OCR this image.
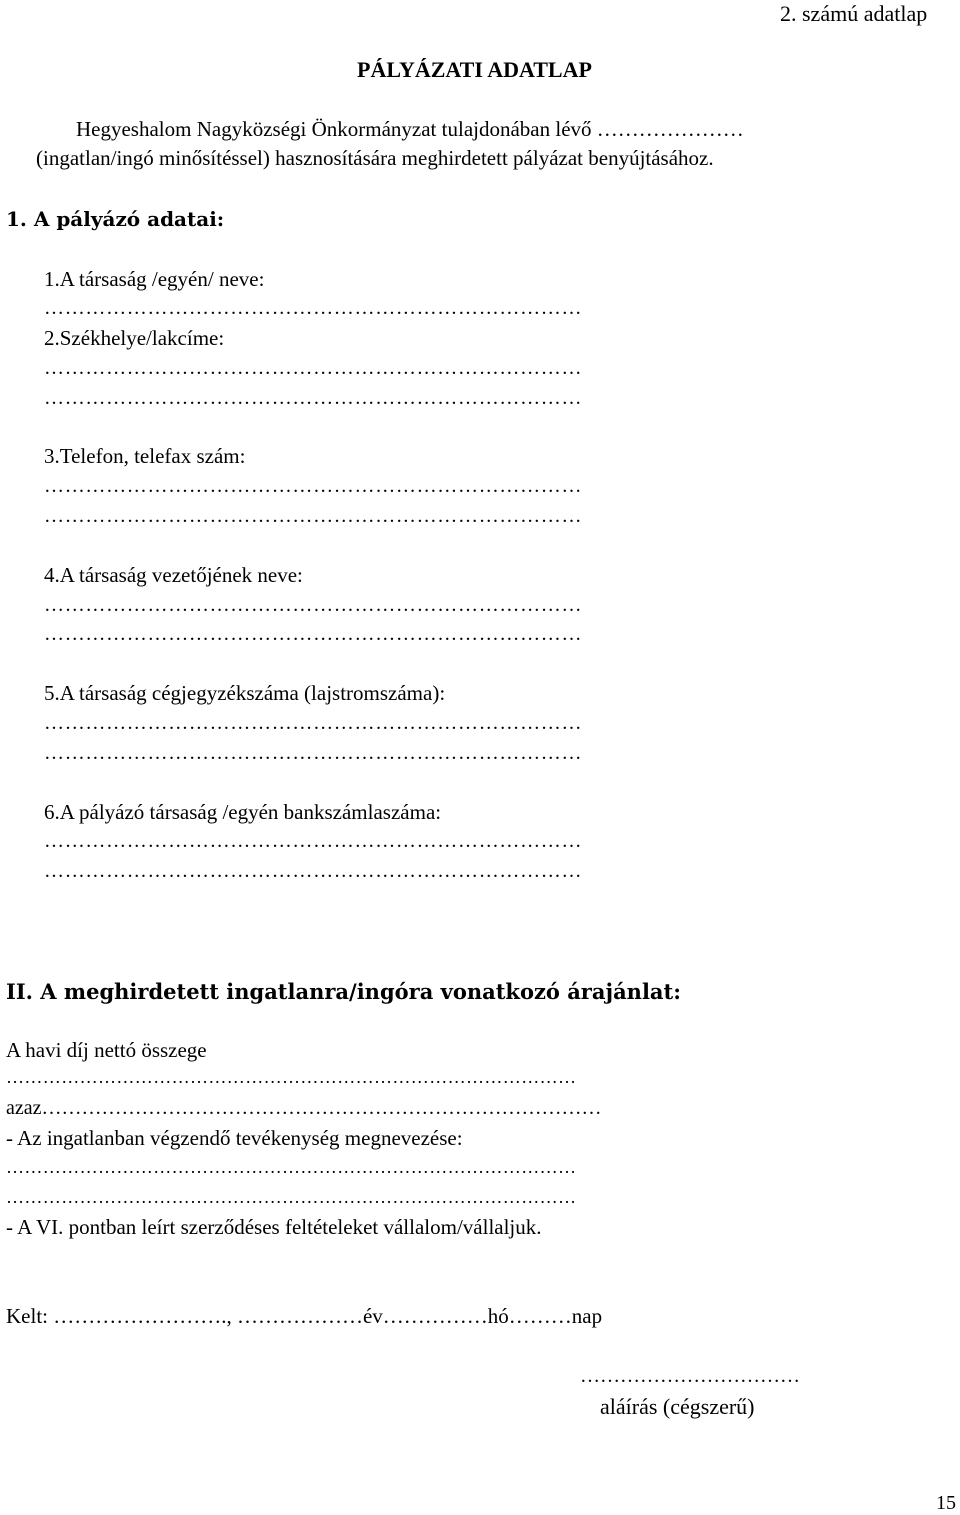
2. számú adatlap
PÁLYÁZATI ADATLAP
Hegyeshalom Nagyközségi Önkormányzat tulajdonában lévő …………………
(ingatlan/ingó minősítéssel) hasznosítására meghirdetett pályázat benyújtásához.
1. A pályázó adatai:
1.A társaság /egyén/ neve:
……………………………………………………………………
2.Székhelye/lakcíme:
……………………………………………………………………
……………………………………………………………………
3.Telefon, telefax szám:
……………………………………………………………………
……………………………………………………………………
4.A társaság vezetőjének neve:
……………………………………………………………………
……………………………………………………………………
5.A társaság cégjegyzékszáma (lajstromszáma):
……………………………………………………………………
……………………………………………………………………
6.A pályázó társaság /egyén bankszámlaszáma:
……………………………………………………………………
……………………………………………………………………
II. A meghirdetett ingatlanra/ingóra vonatkozó árajánlat:
A havi díj nettó összege
…………………………………………………………………………………
azaz…………………………………………………………………………
- Az ingatlanban végzendő tevékenység megnevezése:
…………………………………………………………………………………
…………………………………………………………………………………
- A VI. pontban leírt szerződéses feltételeket vállalom/vállaljuk.
Kelt: ……………………., ………………év……………hó………nap
……………………………
aláírás (cégszerű)
15
